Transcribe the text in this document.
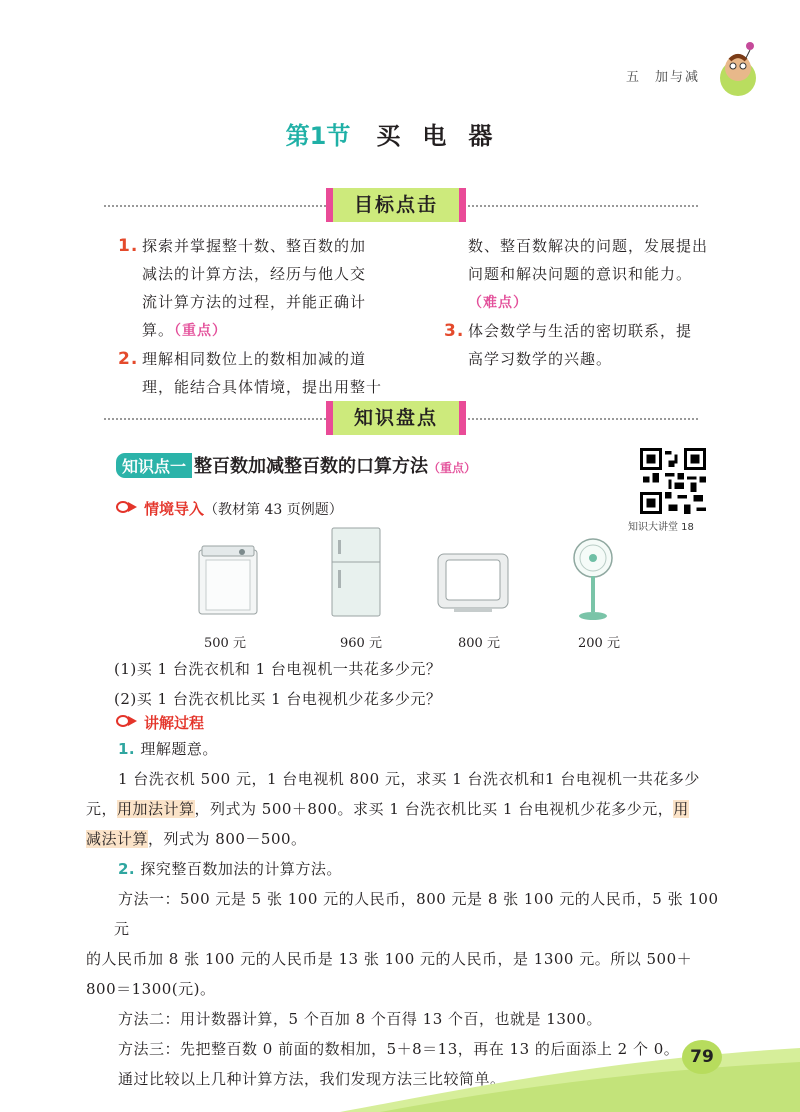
五 加与减
第1节 买电器
目标点击

1. 探索并掌握整十数、整百数的加
减法的计算方法，经历与他人交
流计算方法的过程，并能正确计
算。（重点）

2. 理解相同数位上的数相加减的道
理，能结合具体情境，提出用整十

数、整百数解决的问题，发展提出
问题和解决问题的意识和能力。
（难点）

3. 体会数学与生活的密切联系，提
高学习数学的兴趣。

知识盘点
知识点一 整百数加减整百数的口算方法（重点）
知识大讲堂 18
情境导入（教材第 43 页例题）
500 元	960 元	800 元	200 元

(1)买 1 台洗衣机和 1 台电视机一共花多少元？

(2)买 1 台洗衣机比买 1 台电视机少花多少元？

讲解过程

1. 理解题意。

1 台洗衣机 500 元，1 台电视机 800 元，求买 1 台洗衣机和1 台电视机一共花多少

元，用加法计算，列式为 500＋800。求买 1 台洗衣机比买 1 台电视机少花多少元，用

减法计算，列式为 800－500。

2. 探究整百数加法的计算方法。

方法一：500 元是 5 张 100 元的人民币，800 元是 8 张 100 元的人民币，5 张 100 元

的人民币加 8 张 100 元的人民币是 13 张 100 元的人民币，是 1300 元。所以 500＋

800＝1300(元)。

方法二：用计数器计算，5 个百加 8 个百得 13 个百，也就是 1300。

方法三：先把整百数 0 前面的数相加，5＋8＝13，再在 13 的后面添上 2 个 0。

通过比较以上几种计算方法，我们发现方法三比较简单。

79
